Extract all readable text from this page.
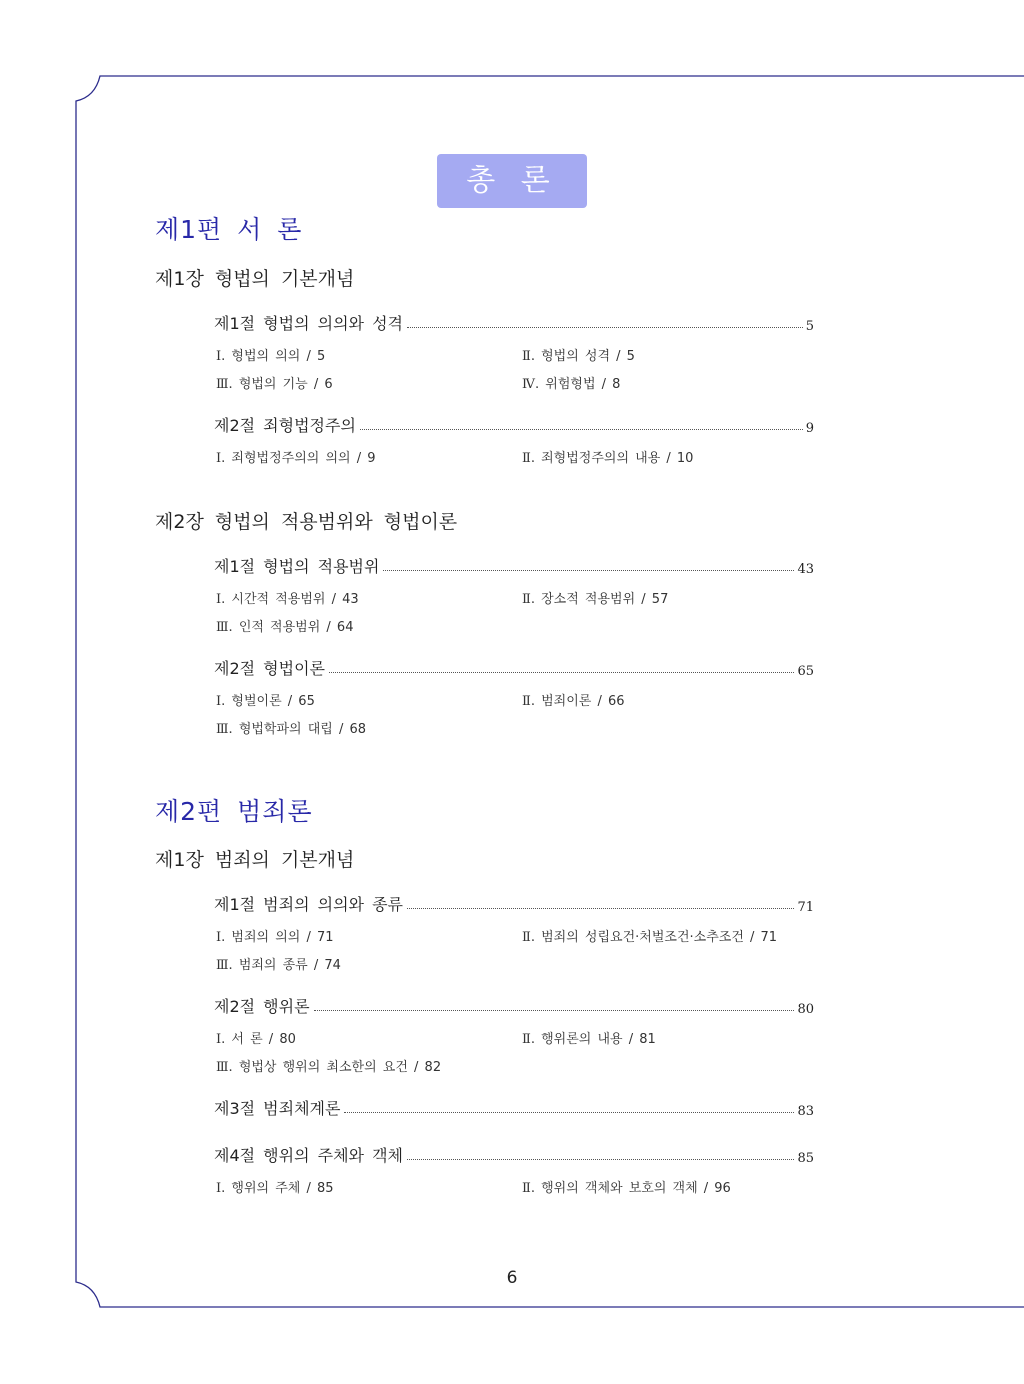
총 론
제1편 서 론
제1장 형법의 기본개념
제1절 형법의 의의와 성격	5
Ⅰ. 형법의 의의 / 5	Ⅱ. 형법의 성격 / 5
Ⅲ. 형법의 기능 / 6	Ⅳ. 위험형법 / 8
제2절 죄형법정주의	9
Ⅰ. 죄형법정주의의 의의 / 9	Ⅱ. 죄형법정주의의 내용 / 10
제2장 형법의 적용범위와 형법이론
제1절 형법의 적용범위	43
Ⅰ. 시간적 적용범위 / 43	Ⅱ. 장소적 적용범위 / 57
Ⅲ. 인적 적용범위 / 64
제2절 형법이론	65
Ⅰ. 형벌이론 / 65	Ⅱ. 범죄이론 / 66
Ⅲ. 형법학파의 대립 / 68
제2편 범죄론
제1장 범죄의 기본개념
제1절 범죄의 의의와 종류	71
Ⅰ. 범죄의 의의 / 71	Ⅱ. 범죄의 성립요건·처벌조건·소추조건 / 71
Ⅲ. 범죄의 종류 / 74
제2절 행위론	80
Ⅰ. 서 론 / 80	Ⅱ. 행위론의 내용 / 81
Ⅲ. 형법상 행위의 최소한의 요건 / 82
제3절 범죄체계론	83
제4절 행위의 주체와 객체	85
Ⅰ. 행위의 주체 / 85	Ⅱ. 행위의 객체와 보호의 객체 / 96
6
